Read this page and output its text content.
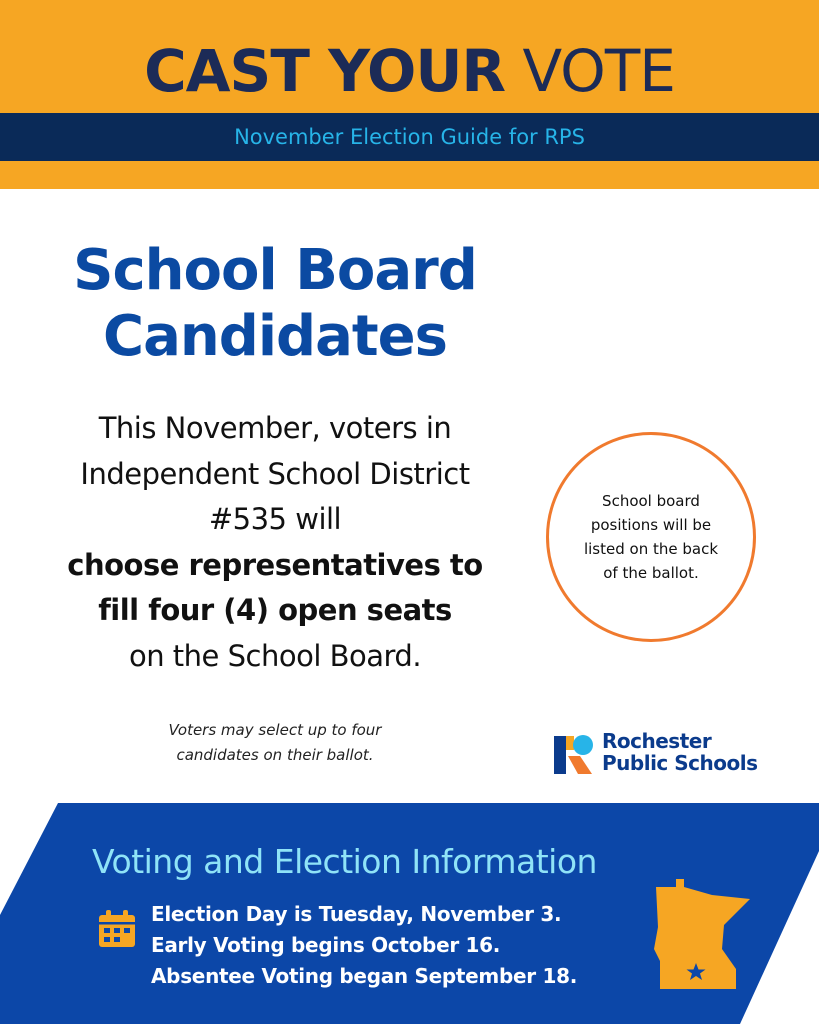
CAST YOUR VOTE
November Election Guide for RPS
School Board
Candidates
This November, voters in
Independent School District
#535 will
choose representatives to
fill four (4) open seats
on the School Board.
Voters may select up to four
candidates on their ballot.
School board
positions will be
listed on the back
of the ballot.
Rochester
Public Schools
Voting and Election Information
Election Day is Tuesday, November 3.
Early Voting begins October 16.
Absentee Voting began September 18.
